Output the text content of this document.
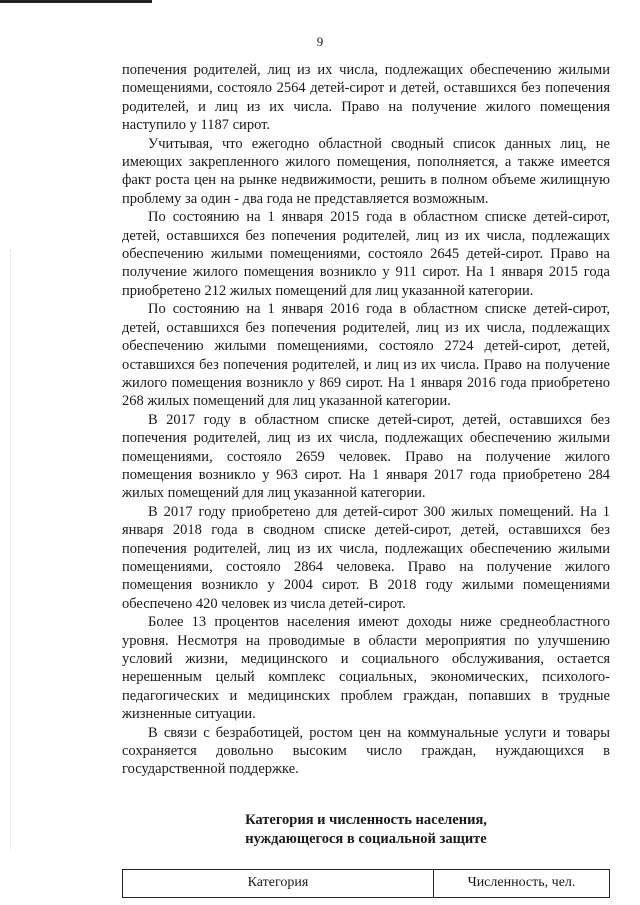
9

попечения родителей, лиц из их числа, подлежащих обеспечению жилыми помещениями, состояло 2564 детей-сирот и детей, оставшихся без попечения родителей, и лиц из их числа. Право на получение жилого помещения наступило у 1187 сирот.

Учитывая, что ежегодно областной сводный список данных лиц, не имеющих закрепленного жилого помещения, пополняется, а также имеется факт роста цен на рынке недвижимости, решить в полном объеме жилищную проблему за один - два года не представляется возможным.

По состоянию на 1 января 2015 года в областном списке детей-сирот, детей, оставшихся без попечения родителей, лиц из их числа, подлежащих обеспечению жилыми помещениями, состояло 2645 детей-сирот. Право на получение жилого помещения возникло у 911 сирот. На 1 января 2015 года приобретено 212 жилых помещений для лиц указанной категории.

По состоянию на 1 января 2016 года в областном списке детей-сирот, детей, оставшихся без попечения родителей, лиц из их числа, подлежащих обеспечению жилыми помещениями, состояло 2724 детей-сирот, детей, оставшихся без попечения родителей, и лиц из их числа. Право на получение жилого помещения возникло у 869 сирот. На 1 января 2016 года приобретено 268 жилых помещений для лиц указанной категории.

В 2017 году в областном списке детей-сирот, детей, оставшихся без попечения родителей, лиц из их числа, подлежащих обеспечению жилыми помещениями, состояло 2659 человек. Право на получение жилого помещения возникло у 963 сирот. На 1 января 2017 года приобретено 284 жилых помещений для лиц указанной категории.

В 2017 году приобретено для детей-сирот 300 жилых помещений. На 1 января 2018 года в сводном списке детей-сирот, детей, оставшихся без попечения родителей, лиц из их числа, подлежащих обеспечению жилыми помещениями, состояло 2864 человека. Право на получение жилого помещения возникло у 2004 сирот. В 2018 году жилыми помещениями обеспечено 420 человек из числа детей-сирот.

Более 13 процентов населения имеют доходы ниже среднеобластного уровня. Несмотря на проводимые в области мероприятия по улучшению условий жизни, медицинского и социального обслуживания, остается нерешенным целый комплекс социальных, экономических, психолого-педагогических и медицинских проблем граждан, попавших в трудные жизненные ситуации.

В связи с безработицей, ростом цен на коммунальные услуги и товары сохраняется довольно высоким число граждан, нуждающихся в государственной поддержке.

Категория и численность населения,
нуждающегося в социальной защите
Категория	Численность, чел.
